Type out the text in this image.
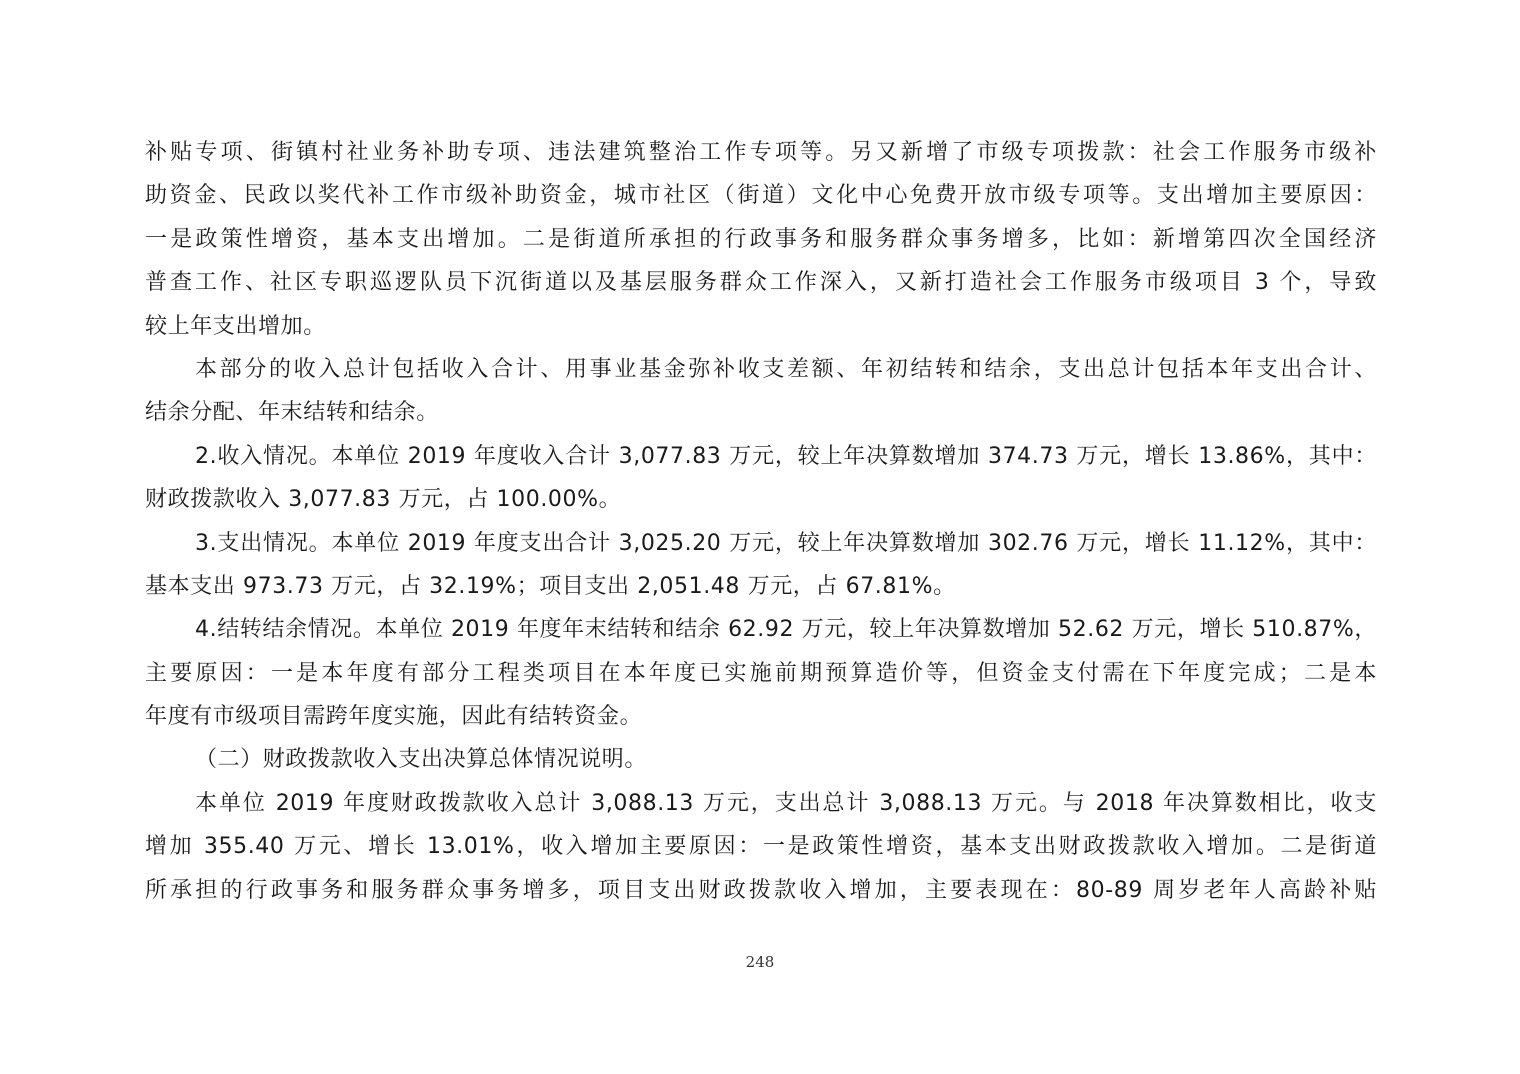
补贴专项、街镇村社业务补助专项、违法建筑整治工作专项等。另又新增了市级专项拨款：社会工作服务市级补
助资金、民政以奖代补工作市级补助资金，城市社区（街道）文化中心免费开放市级专项等。支出增加主要原因：
一是政策性增资，基本支出增加。二是街道所承担的行政事务和服务群众事务增多，比如：新增第四次全国经济
普查工作、社区专职巡逻队员下沉街道以及基层服务群众工作深入，又新打造社会工作服务市级项目 3 个，导致
较上年支出增加。
本部分的收入总计包括收入合计、用事业基金弥补收支差额、年初结转和结余，支出总计包括本年支出合计、
结余分配、年末结转和结余。
2.收入情况。本单位 2019 年度收入合计 3,077.83 万元，较上年决算数增加 374.73 万元，增长 13.86%，其中：
财政拨款收入 3,077.83 万元，占 100.00%。
3.支出情况。本单位 2019 年度支出合计 3,025.20 万元，较上年决算数增加 302.76 万元，增长 11.12%，其中：
基本支出 973.73 万元，占 32.19%；项目支出 2,051.48 万元，占 67.81%。
4.结转结余情况。本单位 2019 年度年末结转和结余 62.92 万元，较上年决算数增加 52.62 万元，增长 510.87%，
主要原因：一是本年度有部分工程类项目在本年度已实施前期预算造价等，但资金支付需在下年度完成；二是本
年度有市级项目需跨年度实施，因此有结转资金。
（二）财政拨款收入支出决算总体情况说明。
本单位 2019 年度财政拨款收入总计 3,088.13 万元，支出总计 3,088.13 万元。与 2018 年决算数相比，收支
增加 355.40 万元、增长 13.01%，收入增加主要原因：一是政策性增资，基本支出财政拨款收入增加。二是街道
所承担的行政事务和服务群众事务增多，项目支出财政拨款收入增加，主要表现在：80-89 周岁老年人高龄补贴
248
